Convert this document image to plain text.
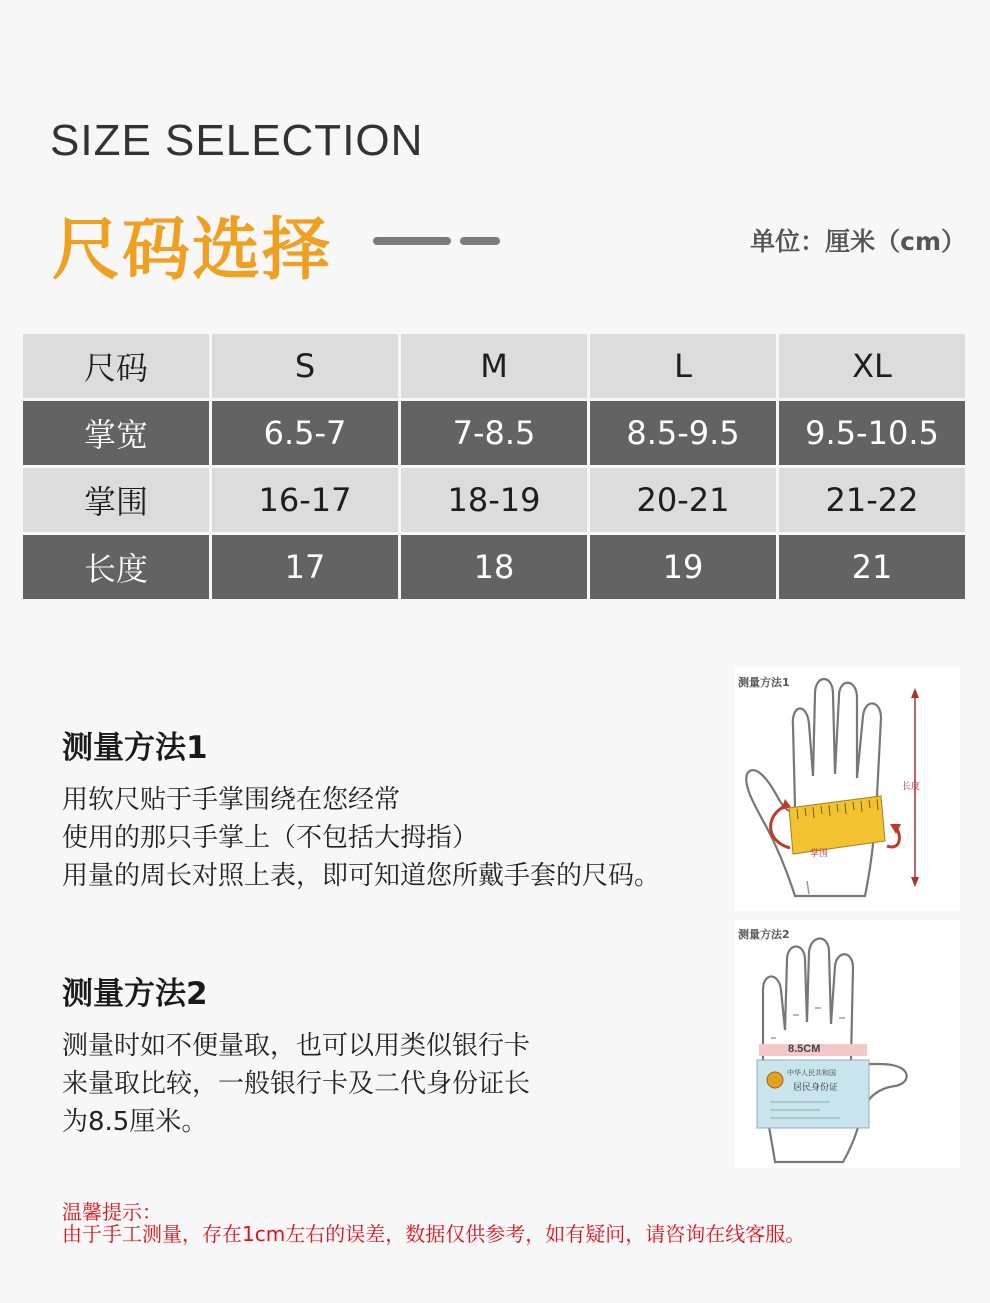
SIZE SELECTION
尺码选择	单位：厘米（cm）
尺码	S	M	L	XL
掌宽	6.5-7	7-8.5	8.5-9.5	9.5-10.5
掌围	16-17	18-19	20-21	21-22
长度	17	18	19	21
测量方法1
用软尺贴于手掌围绕在您经常
使用的那只手掌上（不包括大拇指）
用量的周长对照上表，即可知道您所戴手套的尺码。
测量方法1
长度
掌围
测量方法2
测量时如不便量取，也可以用类似银行卡
来量取比较，一般银行卡及二代身份证长
为8.5厘米。
测量方法2
8.5CM
中华人民共和国
居民身份证
温馨提示：
由于手工测量，存在1cm左右的误差，数据仅供参考，如有疑问，请咨询在线客服。
